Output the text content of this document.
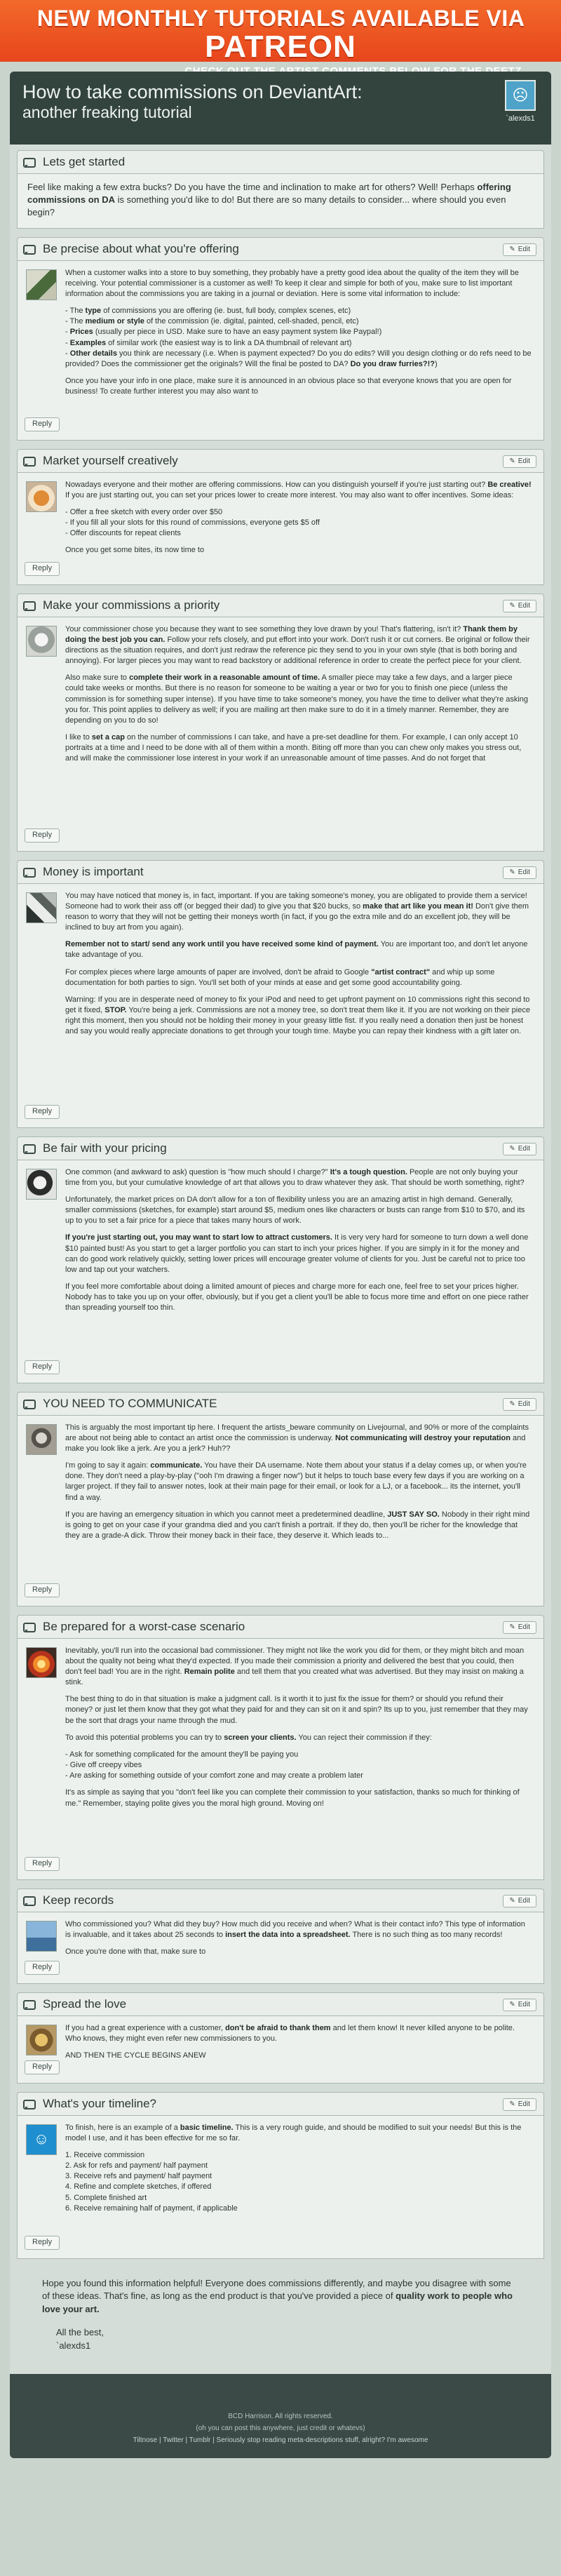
NEW MONTHLY TUTORIALS AVAILABLE VIA PATREON
How to take commissions on DeviantArt:
another freaking tutorial
☹
`alexds1
Lets get started
Feel like making a few extra bucks? Do you have the time and inclination to make art for others? Well! Perhaps offering commissions on DA is something you'd like to do! But there are so many details to consider... where should you even begin?
Be precise about what you're offering	✎ Edit
Reply

When a customer walks into a store to buy something, they probably have a pretty good idea about the quality of the item they will be receiving. Your potential commissioner is a customer as well! To keep it clear and simple for both of you, make sure to list important information about the commissions you are taking in a journal or deviation. Here is some vital information to include:

- The type of commissions you are offering (ie. bust, full body, complex scenes, etc)
- The medium or style of the commission (ie. digital, painted, cell-shaded, pencil, etc)
- Prices (usually per piece in USD. Make sure to have an easy payment system like Paypal!)
- Examples of similar work (the easiest way is to link a DA thumbnail of relevant art)
- Other details you think are necessary (i.e. When is payment expected? Do you do edits? Will you design clothing or do refs need to be provided? Does the commissioner get the originals? Will the final be posted to DA? Do you draw furries?!?)

Once you have your info in one place, make sure it is announced in an obvious place so that everyone knows that you are open for business! To create further interest you may also want to

Market yourself creatively	✎ Edit
Reply

Nowadays everyone and their mother are offering commissions. How can you distinguish yourself if you're just starting out? Be creative! If you are just starting out, you can set your prices lower to create more interest. You may also want to offer incentives. Some ideas:

- Offer a free sketch with every order over $50
- If you fill all your slots for this round of commissions, everyone gets $5 off
- Offer discounts for repeat clients

Once you get some bites, its now time to

Make your commissions a priority	✎ Edit
Reply

Your commissioner chose you because they want to see something they love drawn by you! That's flattering, isn't it? Thank them by doing the best job you can. Follow your refs closely, and put effort into your work. Don't rush it or cut corners. Be original or follow their directions as the situation requires, and don't just redraw the reference pic they send to you in your own style (that is both boring and annoying). For larger pieces you may want to read backstory or additional reference in order to create the perfect piece for your client.

Also make sure to complete their work in a reasonable amount of time. A smaller piece may take a few days, and a larger piece could take weeks or months. But there is no reason for someone to be waiting a year or two for you to finish one piece (unless the commission is for something super intense). If you have time to take someone's money, you have the time to deliver what they're asking you for. This point applies to delivery as well; if you are mailing art then make sure to do it in a timely manner. Remember, they are depending on you to do so!

I like to set a cap on the number of commissions I can take, and have a pre-set deadline for them. For example, I can only accept 10 portraits at a time and I need to be done with all of them within a month. Biting off more than you can chew only makes you stress out, and will make the commissioner lose interest in your work if an unreasonable amount of time passes. And do not forget that

Money is important	✎ Edit
Reply

You may have noticed that money is, in fact, important. If you are taking someone's money, you are obligated to provide them a service! Someone had to work their ass off (or begged their dad) to give you that $20 bucks, so make that art like you mean it! Don't give them reason to worry that they will not be getting their moneys worth (in fact, if you go the extra mile and do an excellent job, they will be inclined to buy art from you again).

Remember not to start/ send any work until you have received some kind of payment. You are important too, and don't let anyone take advantage of you.

For complex pieces where large amounts of paper are involved, don't be afraid to Google "artist contract" and whip up some documentation for both parties to sign. You'll set both of your minds at ease and get some good accountability going.

Warning: If you are in desperate need of money to fix your iPod and need to get upfront payment on 10 commissions right this second to get it fixed, STOP. You're being a jerk. Commissions are not a money tree, so don't treat them like it. If you are not working on their piece right this moment, then you should not be holding their money in your greasy little fist. If you really need a donation then just be honest and say you would really appreciate donations to get through your tough time. Maybe you can repay their kindness with a gift later on.

Be fair with your pricing	✎ Edit
Reply

One common (and awkward to ask) question is "how much should I charge?" It's a tough question. People are not only buying your time from you, but your cumulative knowledge of art that allows you to draw whatever they ask. That should be worth something, right?

Unfortunately, the market prices on DA don't allow for a ton of flexibility unless you are an amazing artist in high demand. Generally, smaller commissions (sketches, for example) start around $5, medium ones like characters or busts can range from $10 to $70, and its up to you to set a fair price for a piece that takes many hours of work.

If you're just starting out, you may want to start low to attract customers. It is very very hard for someone to turn down a well done $10 painted bust! As you start to get a larger portfolio you can start to inch your prices higher. If you are simply in it for the money and can do good work relatively quickly, setting lower prices will encourage greater volume of clients for you. Just be careful not to price too low and tap out your watchers.

If you feel more comfortable about doing a limited amount of pieces and charge more for each one, feel free to set your prices higher. Nobody has to take you up on your offer, obviously, but if you get a client you'll be able to focus more time and effort on one piece rather than spreading yourself too thin.

YOU NEED TO COMMUNICATE	✎ Edit
Reply

This is arguably the most important tip here. I frequent the artists_beware community on Livejournal, and 90% or more of the complaints are about not being able to contact an artist once the commission is underway. Not communicating will destroy your reputation and make you look like a jerk. Are you a jerk? Huh??

I'm going to say it again: communicate. You have their DA username. Note them about your status if a delay comes up, or when you're done. They don't need a play-by-play ("ooh I'm drawing a finger now") but it helps to touch base every few days if you are working on a larger project. If they fail to answer notes, look at their main page for their email, or look for a LJ, or a facebook... its the internet, you'll find a way.

If you are having an emergency situation in which you cannot meet a predetermined deadline, JUST SAY SO. Nobody in their right mind is going to get on your case if your grandma died and you can't finish a portrait. If they do, then you'll be richer for the knowledge that they are a grade-A dick. Throw their money back in their face, they deserve it. Which leads to...

Be prepared for a worst-case scenario	✎ Edit
Reply

Inevitably, you'll run into the occasional bad commissioner. They might not like the work you did for them, or they might bitch and moan about the quality not being what they'd expected. If you made their commission a priority and delivered the best that you could, then don't feel bad! You are in the right. Remain polite and tell them that you created what was advertised. But they may insist on making a stink.

The best thing to do in that situation is make a judgment call. Is it worth it to just fix the issue for them? or should you refund their money? or just let them know that they got what they paid for and they can sit on it and spin? Its up to you, just remember that they may be the sort that drags your name through the mud.

To avoid this potential problems you can try to screen your clients. You can reject their commission if they:

- Ask for something complicated for the amount they'll be paying you
- Give off creepy vibes
- Are asking for something outside of your comfort zone and may create a problem later

It's as simple as saying that you "don't feel like you can complete their commission to your satisfaction, thanks so much for thinking of me." Remember, staying polite gives you the moral high ground. Moving on!

Keep records	✎ Edit
Reply

Who commissioned you? What did they buy? How much did you receive and when? What is their contact info? This type of information is invaluable, and it takes about 25 seconds to insert the data into a spreadsheet. There is no such thing as too many records!

Once you're done with that, make sure to

Spread the love	✎ Edit
Reply

If you had a great experience with a customer, don't be afraid to thank them and let them know! It never killed anyone to be polite. Who knows, they might even refer new commissioners to you.

AND THEN THE CYCLE BEGINS ANEW

What's your timeline?	✎ Edit
☺
Reply

To finish, here is an example of a basic timeline. This is a very rough guide, and should be modified to suit your needs! But this is the model I use, and it has been effective for me so far.

1. Receive commission
2. Ask for refs and payment/ half payment
3. Receive refs and payment/ half payment
4. Refine and complete sketches, if offered
5. Complete finished art
6. Receive remaining half of payment, if applicable

Hope you found this information helpful! Everyone does commissions differently, and maybe you disagree with some of these ideas. That's fine, as long as the end product is that you've provided a piece of quality work to people who love your art.

All the best,
`alexds1
BCD Harrison. All rights reserved.
(oh you can post this anywhere, just credit or whatevs)
Tiltnose | Twitter | Tumblr | Seriously stop reading meta-descriptions stuff, alright? I'm awesome
